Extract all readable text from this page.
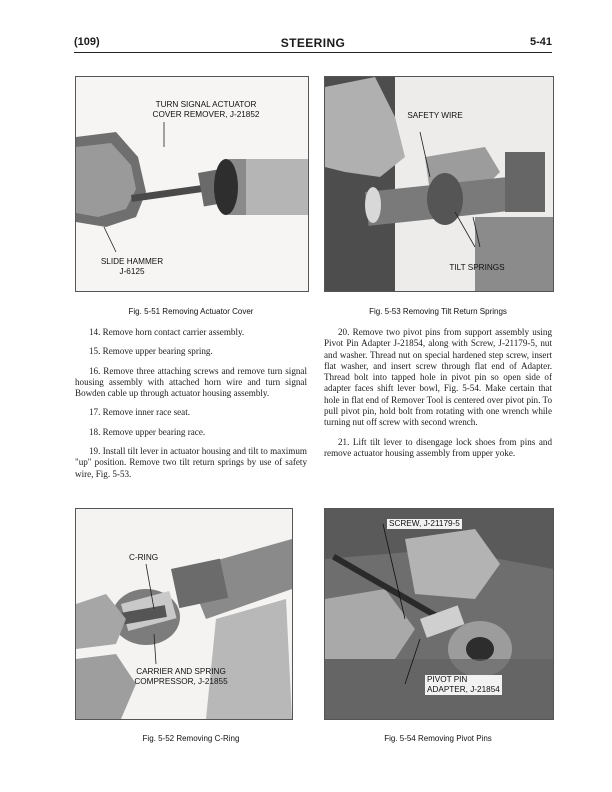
(109)	STEERING	5-41
TURN SIGNAL ACTUATOR
COVER REMOVER, J-21852
SLIDE HAMMER
J-6125
Fig. 5-51 Removing Actuator Cover
SAFETY WIRE
TILT SPRINGS
Fig. 5-53 Removing Tilt Return Springs

14. Remove horn contact carrier assembly.

15. Remove upper bearing spring.

16. Remove three attaching screws and remove turn signal housing assembly with attached horn wire and turn signal Bowden cable up through actuator housing assembly.

17. Remove inner race seat.

18. Remove upper bearing race.

19. Install tilt lever in actuator housing and tilt to maximum "up" position. Remove two tilt return springs by use of safety wire, Fig. 5-53.

20. Remove two pivot pins from support assembly using Pivot Pin Adapter J-21854, along with Screw, J-21179-5, nut and washer. Thread nut on special hardened step screw, insert flat washer, and insert screw through flat end of Adapter. Thread bolt into tapped hole in pivot pin so open side of adapter faces shift lever bowl, Fig. 5-54. Make certain that hole in flat end of Remover Tool is centered over pivot pin. To pull pivot pin, hold bolt from rotating with one wrench while turning nut off screw with second wrench.

21. Lift tilt lever to disengage lock shoes from pins and remove actuator housing assembly from upper yoke.

C-RING
CARRIER AND SPRING
COMPRESSOR, J-21855
Fig. 5-52 Removing C-Ring
SCREW, J-21179-5
PIVOT PIN
ADAPTER, J-21854
Fig. 5-54 Removing Pivot Pins
